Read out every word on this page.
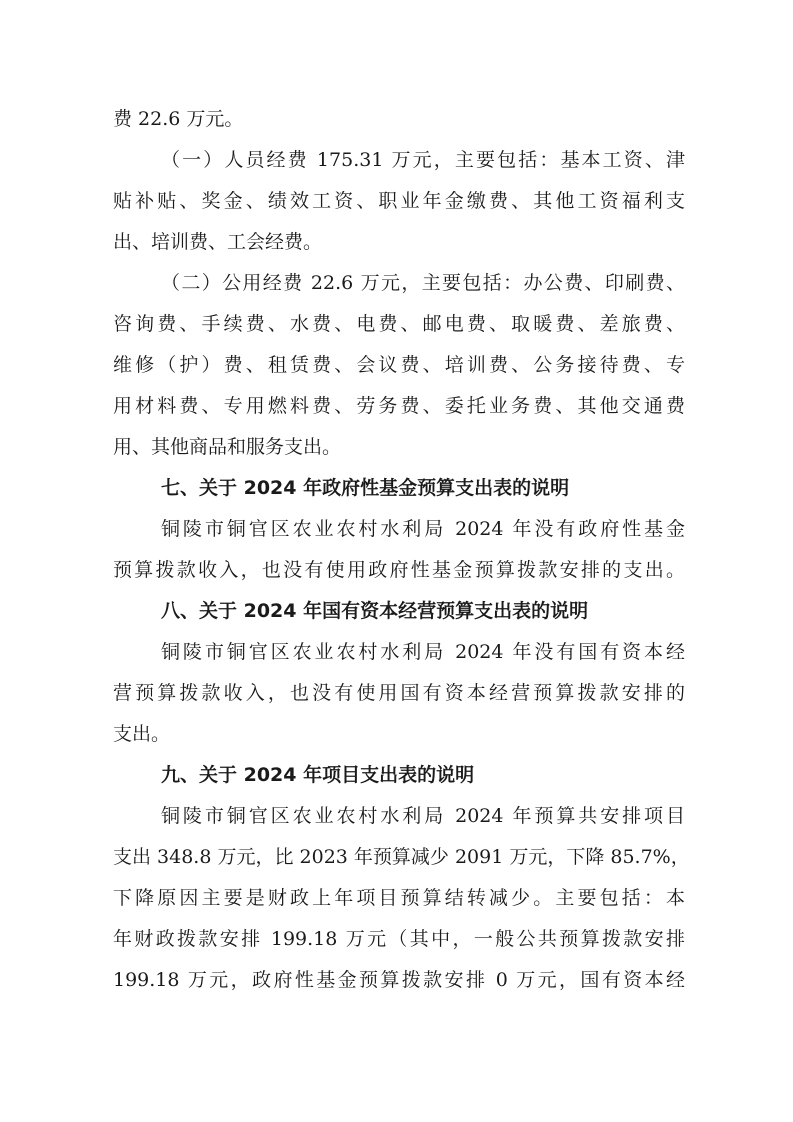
费 22.6 万元。
（一）人员经费 175.31 万元，主要包括：基本工资、津
贴补贴、奖金、绩效工资、职业年金缴费、其他工资福利支
出、培训费、工会经费。
（二）公用经费 22.6 万元，主要包括：办公费、印刷费、
咨询费、手续费、水费、电费、邮电费、取暖费、差旅费、
维修（护）费、租赁费、会议费、培训费、公务接待费、专
用材料费、专用燃料费、劳务费、委托业务费、其他交通费
用、其他商品和服务支出。
七、关于 2024 年政府性基金预算支出表的说明
铜陵市铜官区农业农村水利局 2024 年没有政府性基金
预算拨款收入，也没有使用政府性基金预算拨款安排的支出。
八、关于 2024 年国有资本经营预算支出表的说明
铜陵市铜官区农业农村水利局 2024 年没有国有资本经
营预算拨款收入，也没有使用国有资本经营预算拨款安排的
支出。
九、关于 2024 年项目支出表的说明
铜陵市铜官区农业农村水利局 2024 年预算共安排项目
支出 348.8 万元，比 2023 年预算减少 2091 万元，下降 85.7%，
下降原因主要是财政上年项目预算结转减少。主要包括：本
年财政拨款安排 199.18 万元（其中，一般公共预算拨款安排
199.18 万元，政府性基金预算拨款安排 0 万元，国有资本经
